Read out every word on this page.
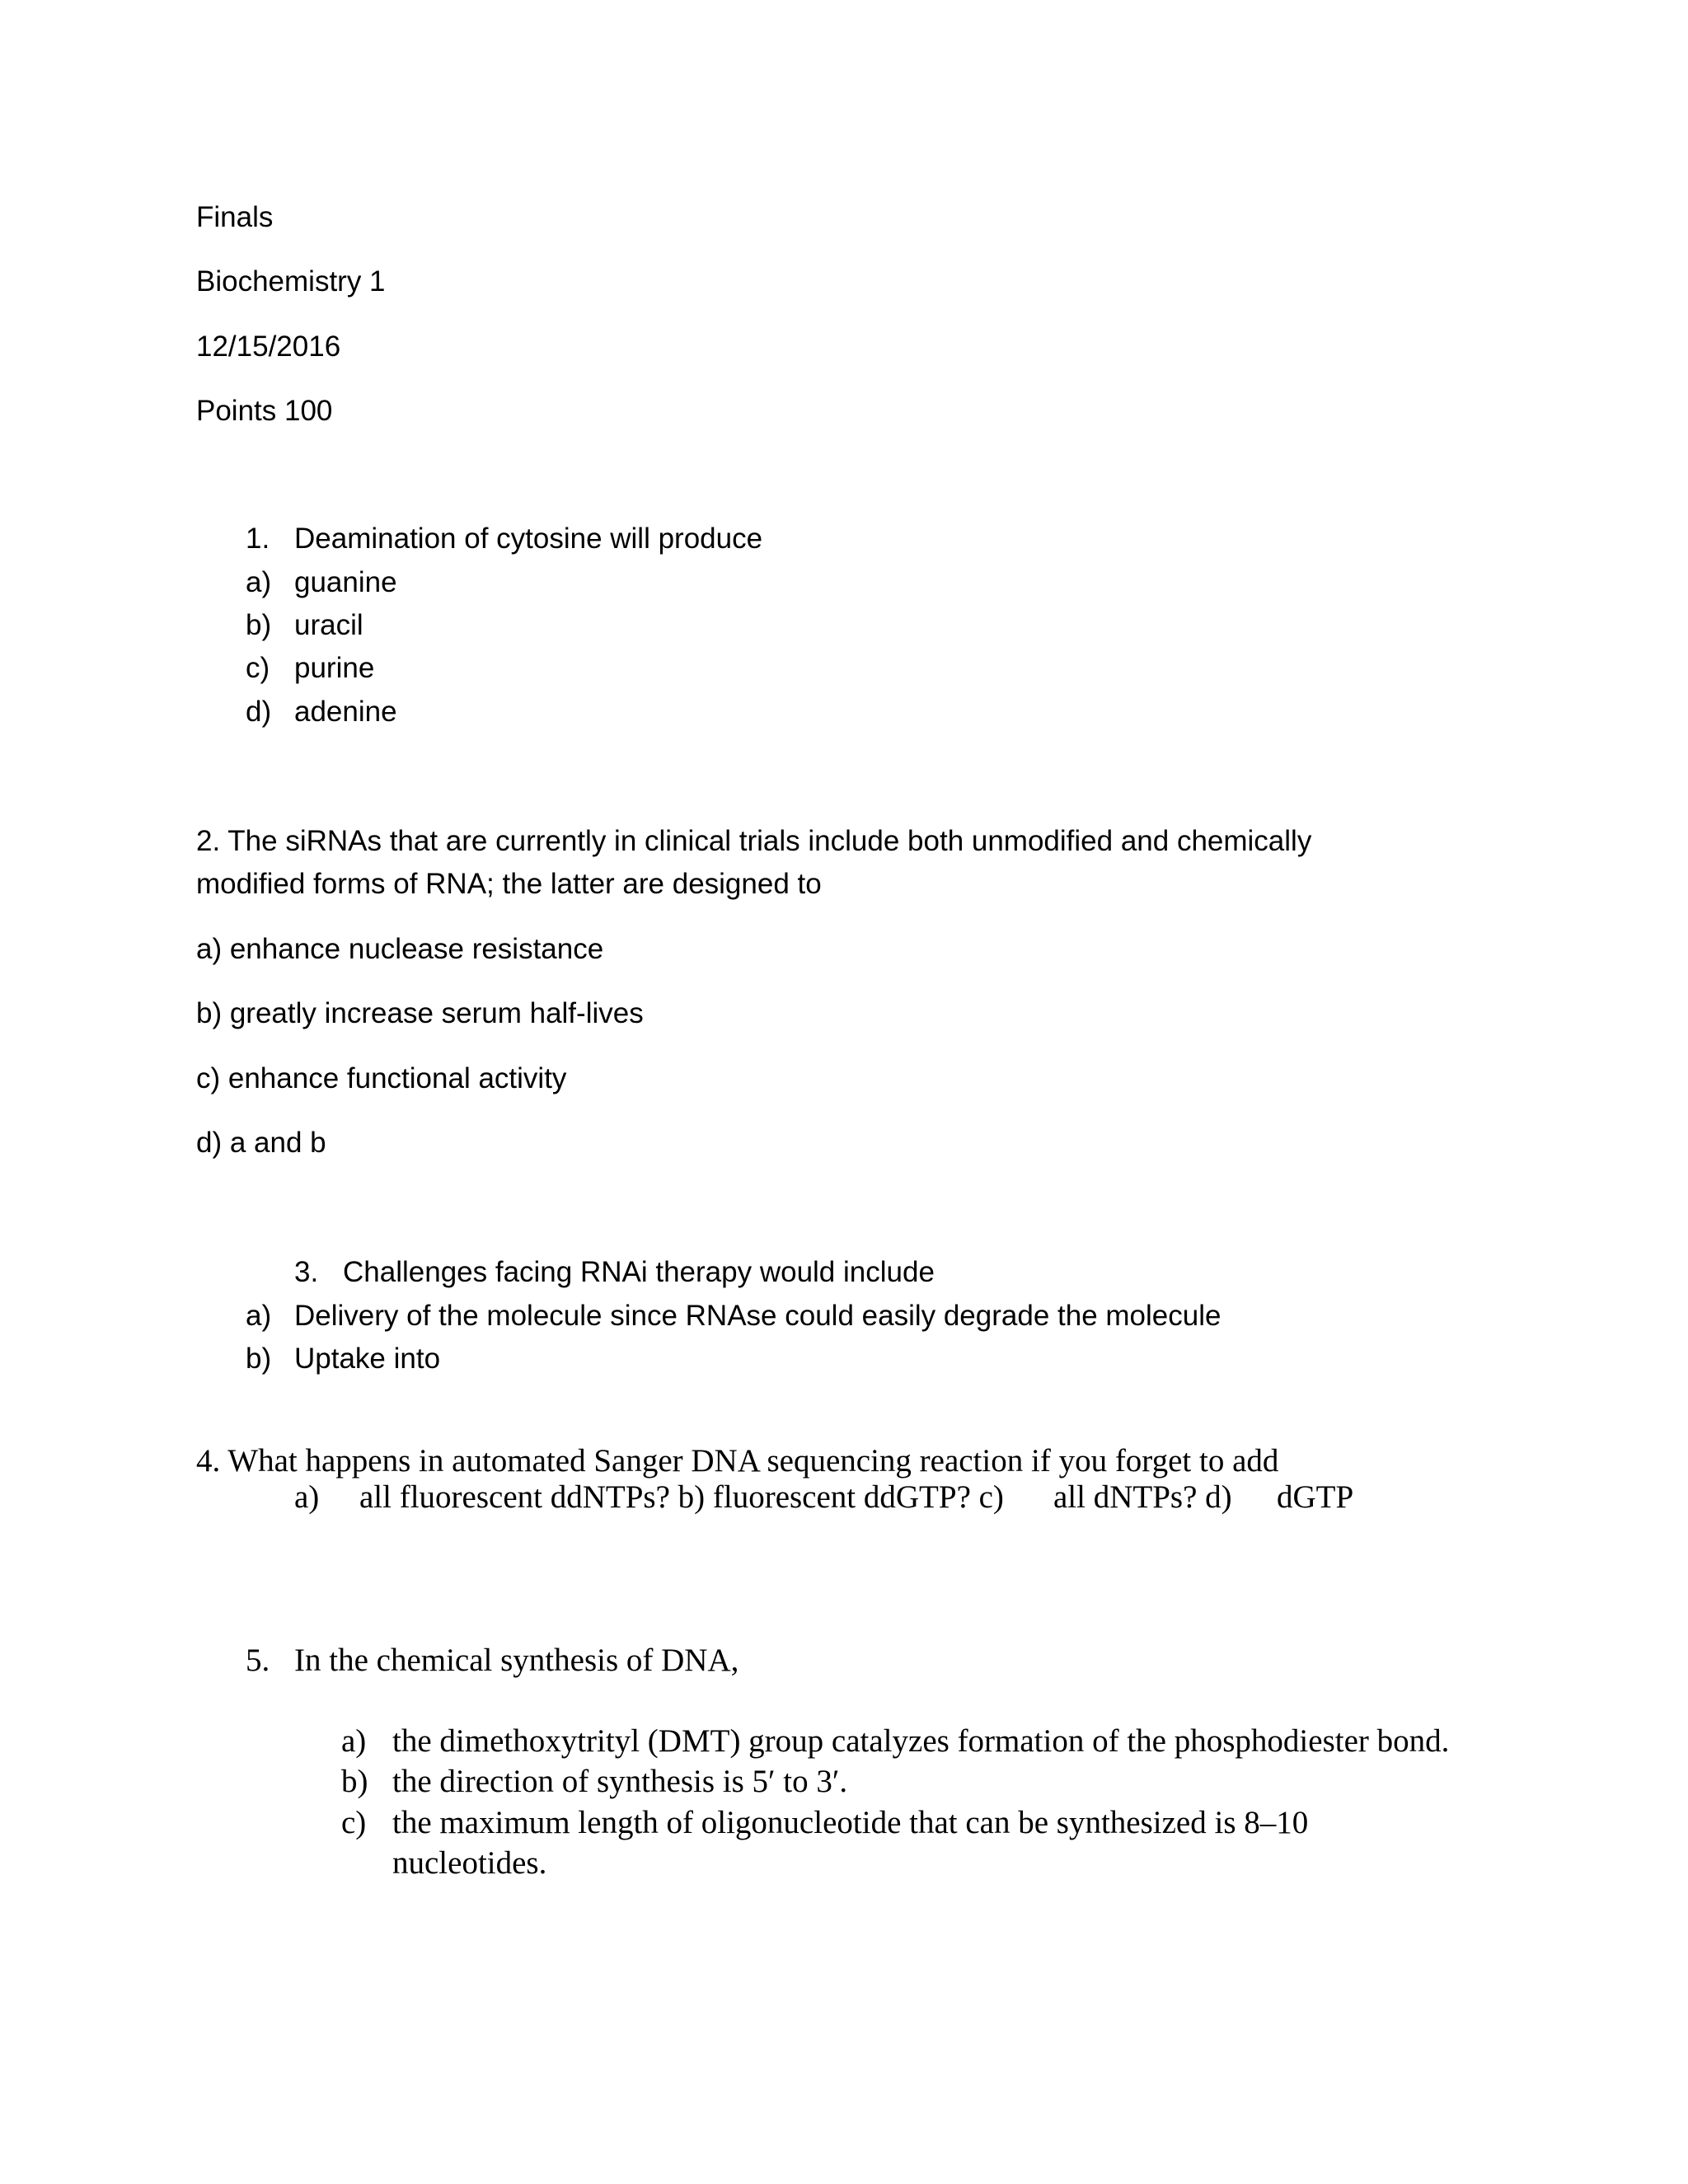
Finals
Biochemistry 1
12/15/2016
Points 100
1. Deamination of cytosine will produce
a) guanine
b) uracil
c) purine
d) adenine
2. The siRNAs that are currently in clinical trials include both unmodified and chemically
modified forms of RNA; the latter are designed to
a) enhance nuclease resistance
b) greatly increase serum half-lives
c) enhance functional activity
d) a and b
3. Challenges facing RNAi therapy would include
a) Delivery of the molecule since RNAse could easily degrade the molecule
b) Uptake into
4. What happens in automated Sanger DNA sequencing reaction if you forget to add
a) all fluorescent ddNTPs? b) fluorescent ddGTP? c) all dNTPs? d) dGTP
5. In the chemical synthesis of DNA,
a) the dimethoxytrityl (DMT) group catalyzes formation of the phosphodiester bond.
b) the direction of synthesis is 5′ to 3′.
c) the maximum length of oligonucleotide that can be synthesized is 8–10
nucleotides.
